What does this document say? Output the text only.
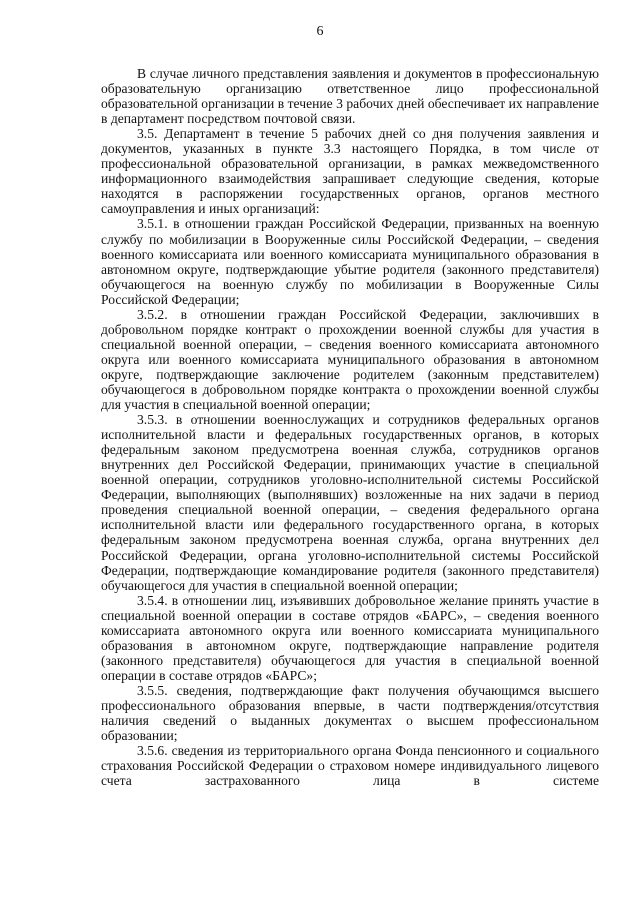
6

В случае личного представления заявления и документов в профессиональную образовательную организацию ответственное лицо профессиональной образовательной организации в течение 3 рабочих дней обеспечивает их направление в департамент посредством почтовой связи.

3.5. Департамент в течение 5 рабочих дней со дня получения заявления и документов, указанных в пункте 3.3 настоящего Порядка, в том числе от профессиональной образовательной организации, в рамках межведомственного информационного взаимодействия запрашивает следующие сведения, которые находятся в распоряжении государственных органов, органов местного самоуправления и иных организаций:

3.5.1. в отношении граждан Российской Федерации, призванных на военную службу по мобилизации в Вооруженные силы Российской Федерации, – сведения военного комиссариата или военного комиссариата муниципального образования в автономном округе, подтверждающие убытие родителя (законного представителя) обучающегося на военную службу по мобилизации в Вооруженные Силы Российской Федерации;

3.5.2. в отношении граждан Российской Федерации, заключивших в добровольном порядке контракт о прохождении военной службы для участия в специальной военной операции, – сведения военного комиссариата автономного округа или военного комиссариата муниципального образования в автономном округе, подтверждающие заключение родителем (законным представителем) обучающегося в добровольном порядке контракта о прохождении военной службы для участия в специальной военной операции;

3.5.3. в отношении военнослужащих и сотрудников федеральных органов исполнительной власти и федеральных государственных органов, в которых федеральным законом предусмотрена военная служба, сотрудников органов внутренних дел Российской Федерации, принимающих участие в специальной военной операции, сотрудников уголовно-исполнительной системы Российской Федерации, выполняющих (выполнявших) возложенные на них задачи в период проведения специальной военной операции, – сведения федерального органа исполнительной власти или федерального государственного органа, в которых федеральным законом предусмотрена военная служба, органа внутренних дел Российской Федерации, органа уголовно-исполнительной системы Российской Федерации, подтверждающие командирование родителя (законного представителя) обучающегося для участия в специальной военной операции;

3.5.4. в отношении лиц, изъявивших добровольное желание принять участие в специальной военной операции в составе отрядов «БАРС», – сведения военного комиссариата автономного округа или военного комиссариата муниципального образования в автономном округе, подтверждающие направление родителя (законного представителя) обучающегося для участия в специальной военной операции в составе отрядов «БАРС»;

3.5.5. сведения, подтверждающие факт получения обучающимся высшего профессионального образования впервые, в части подтверждения/отсутствия наличия сведений о выданных документах о высшем профессиональном образовании;

3.5.6. сведения из территориального органа Фонда пенсионного и социального страхования Российской Федерации о страховом номере индивидуального лицевого счета застрахованного лица в системе
